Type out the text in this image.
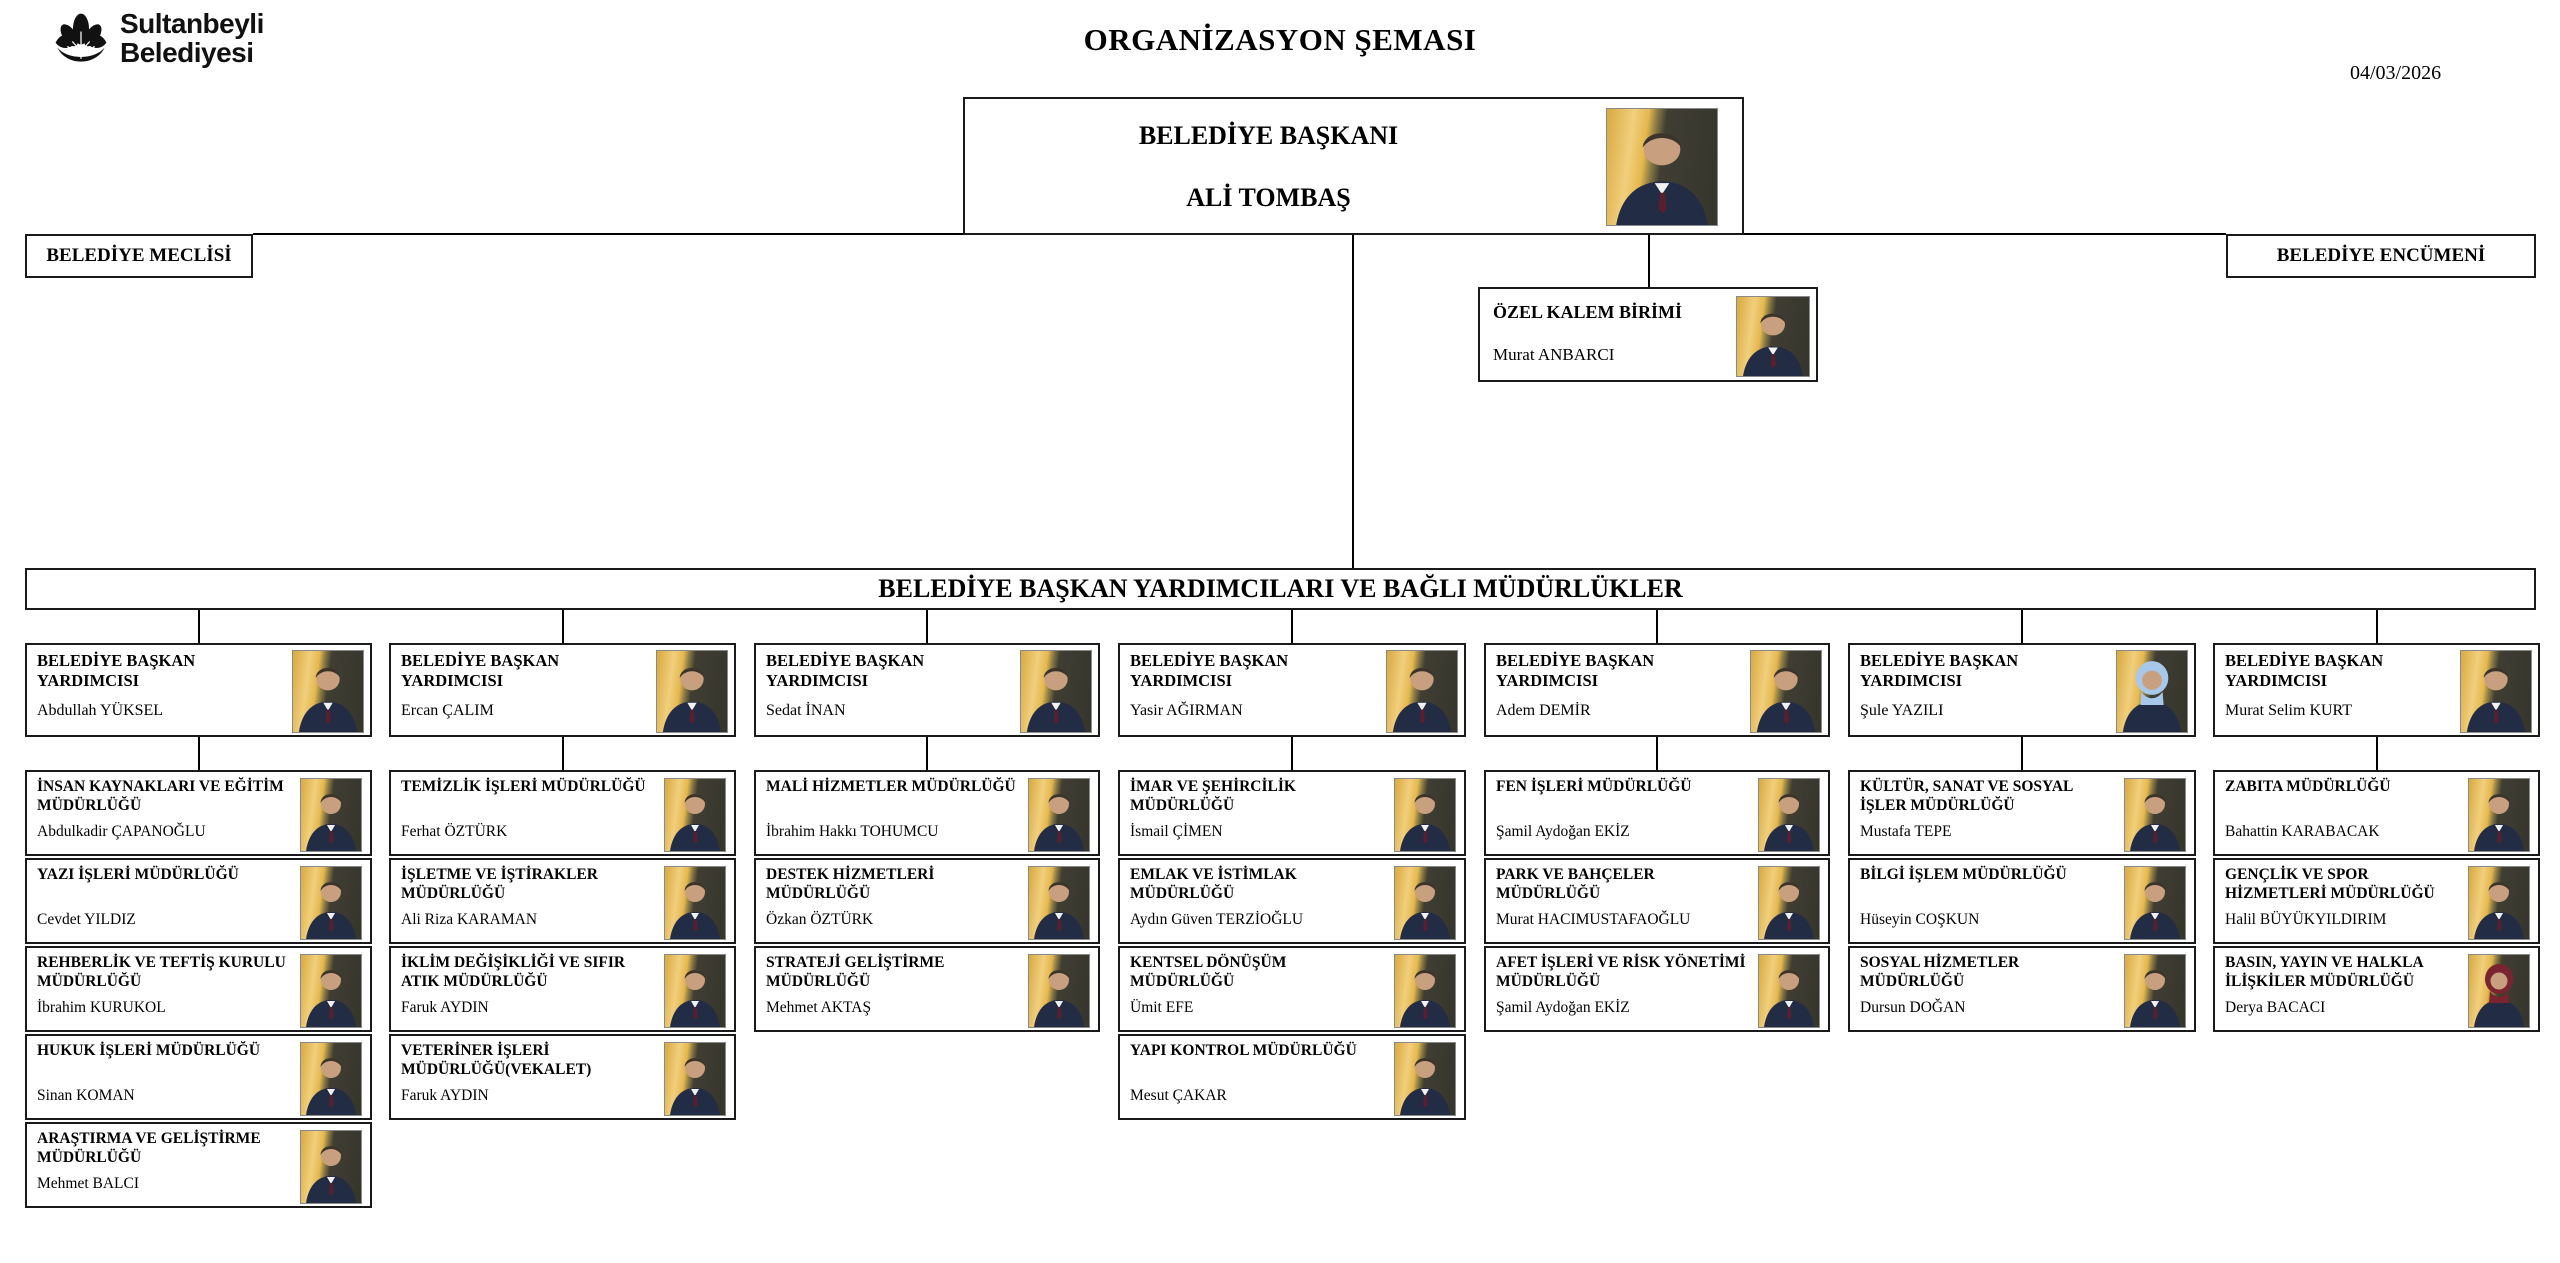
Sultanbeyli
Belediyesi	ORGANİZASYON ŞEMASI
04/03/2026
BELEDİYE BAŞKANI
ALİ TOMBAŞ
BELEDİYE MECLİSİ	BELEDİYE ENCÜMENİ
ÖZEL KALEM BİRİMİ
Murat ANBARCI
BELEDİYE BAŞKAN YARDIMCILARI VE BAĞLI MÜDÜRLÜKLER
BELEDİYE BAŞKAN YARDIMCISI
Abdullah YÜKSEL
İNSAN KAYNAKLARI VE EĞİTİM MÜDÜRLÜĞÜ
Abdulkadir ÇAPANOĞLU
YAZI İŞLERİ MÜDÜRLÜĞÜ
Cevdet YILDIZ
REHBERLİK VE TEFTİŞ KURULU MÜDÜRLÜĞÜ
İbrahim KURUKOL
HUKUK İŞLERİ MÜDÜRLÜĞÜ
Sinan KOMAN
ARAŞTIRMA VE GELİŞTİRME MÜDÜRLÜĞÜ
Mehmet BALCI
BELEDİYE BAŞKAN YARDIMCISI
Ercan ÇALIM
TEMİZLİK İŞLERİ MÜDÜRLÜĞÜ
Ferhat ÖZTÜRK
İŞLETME VE İŞTİRAKLER MÜDÜRLÜĞÜ
Ali Riza KARAMAN
İKLİM DEĞİŞİKLİĞİ VE SIFIR ATIK MÜDÜRLÜĞÜ
Faruk AYDIN
VETERİNER İŞLERİ MÜDÜRLÜĞÜ(VEKALET)
Faruk AYDIN
BELEDİYE BAŞKAN YARDIMCISI
Sedat İNAN
MALİ HİZMETLER MÜDÜRLÜĞÜ
İbrahim Hakkı TOHUMCU
DESTEK HİZMETLERİ MÜDÜRLÜĞÜ
Özkan ÖZTÜRK
STRATEJİ GELİŞTİRME MÜDÜRLÜĞÜ
Mehmet AKTAŞ
BELEDİYE BAŞKAN YARDIMCISI
Yasir AĞIRMAN
İMAR VE ŞEHİRCİLİK MÜDÜRLÜĞÜ
İsmail ÇİMEN
EMLAK VE İSTİMLAK MÜDÜRLÜĞÜ
Aydın Güven TERZİOĞLU
KENTSEL DÖNÜŞÜM MÜDÜRLÜĞÜ
Ümit EFE
YAPI KONTROL MÜDÜRLÜĞÜ
Mesut ÇAKAR
BELEDİYE BAŞKAN YARDIMCISI
Adem DEMİR
FEN İŞLERİ MÜDÜRLÜĞÜ
Şamil Aydoğan EKİZ
PARK VE BAHÇELER MÜDÜRLÜĞÜ
Murat HACIMUSTAFAOĞLU
AFET İŞLERİ VE RİSK YÖNETİMİ MÜDÜRLÜĞÜ
Şamil Aydoğan EKİZ
BELEDİYE BAŞKAN YARDIMCISI
Şule YAZILI
KÜLTÜR, SANAT VE SOSYAL İŞLER MÜDÜRLÜĞÜ
Mustafa TEPE
BİLGİ İŞLEM MÜDÜRLÜĞÜ
Hüseyin COŞKUN
SOSYAL HİZMETLER MÜDÜRLÜĞÜ
Dursun DOĞAN
BELEDİYE BAŞKAN YARDIMCISI
Murat Selim KURT
ZABITA MÜDÜRLÜĞÜ
Bahattin KARABACAK
GENÇLİK VE SPOR HİZMETLERİ MÜDÜRLÜĞÜ
Halil BÜYÜKYILDIRIM
BASIN, YAYIN VE HALKLA İLİŞKİLER MÜDÜRLÜĞÜ
Derya BACACI
